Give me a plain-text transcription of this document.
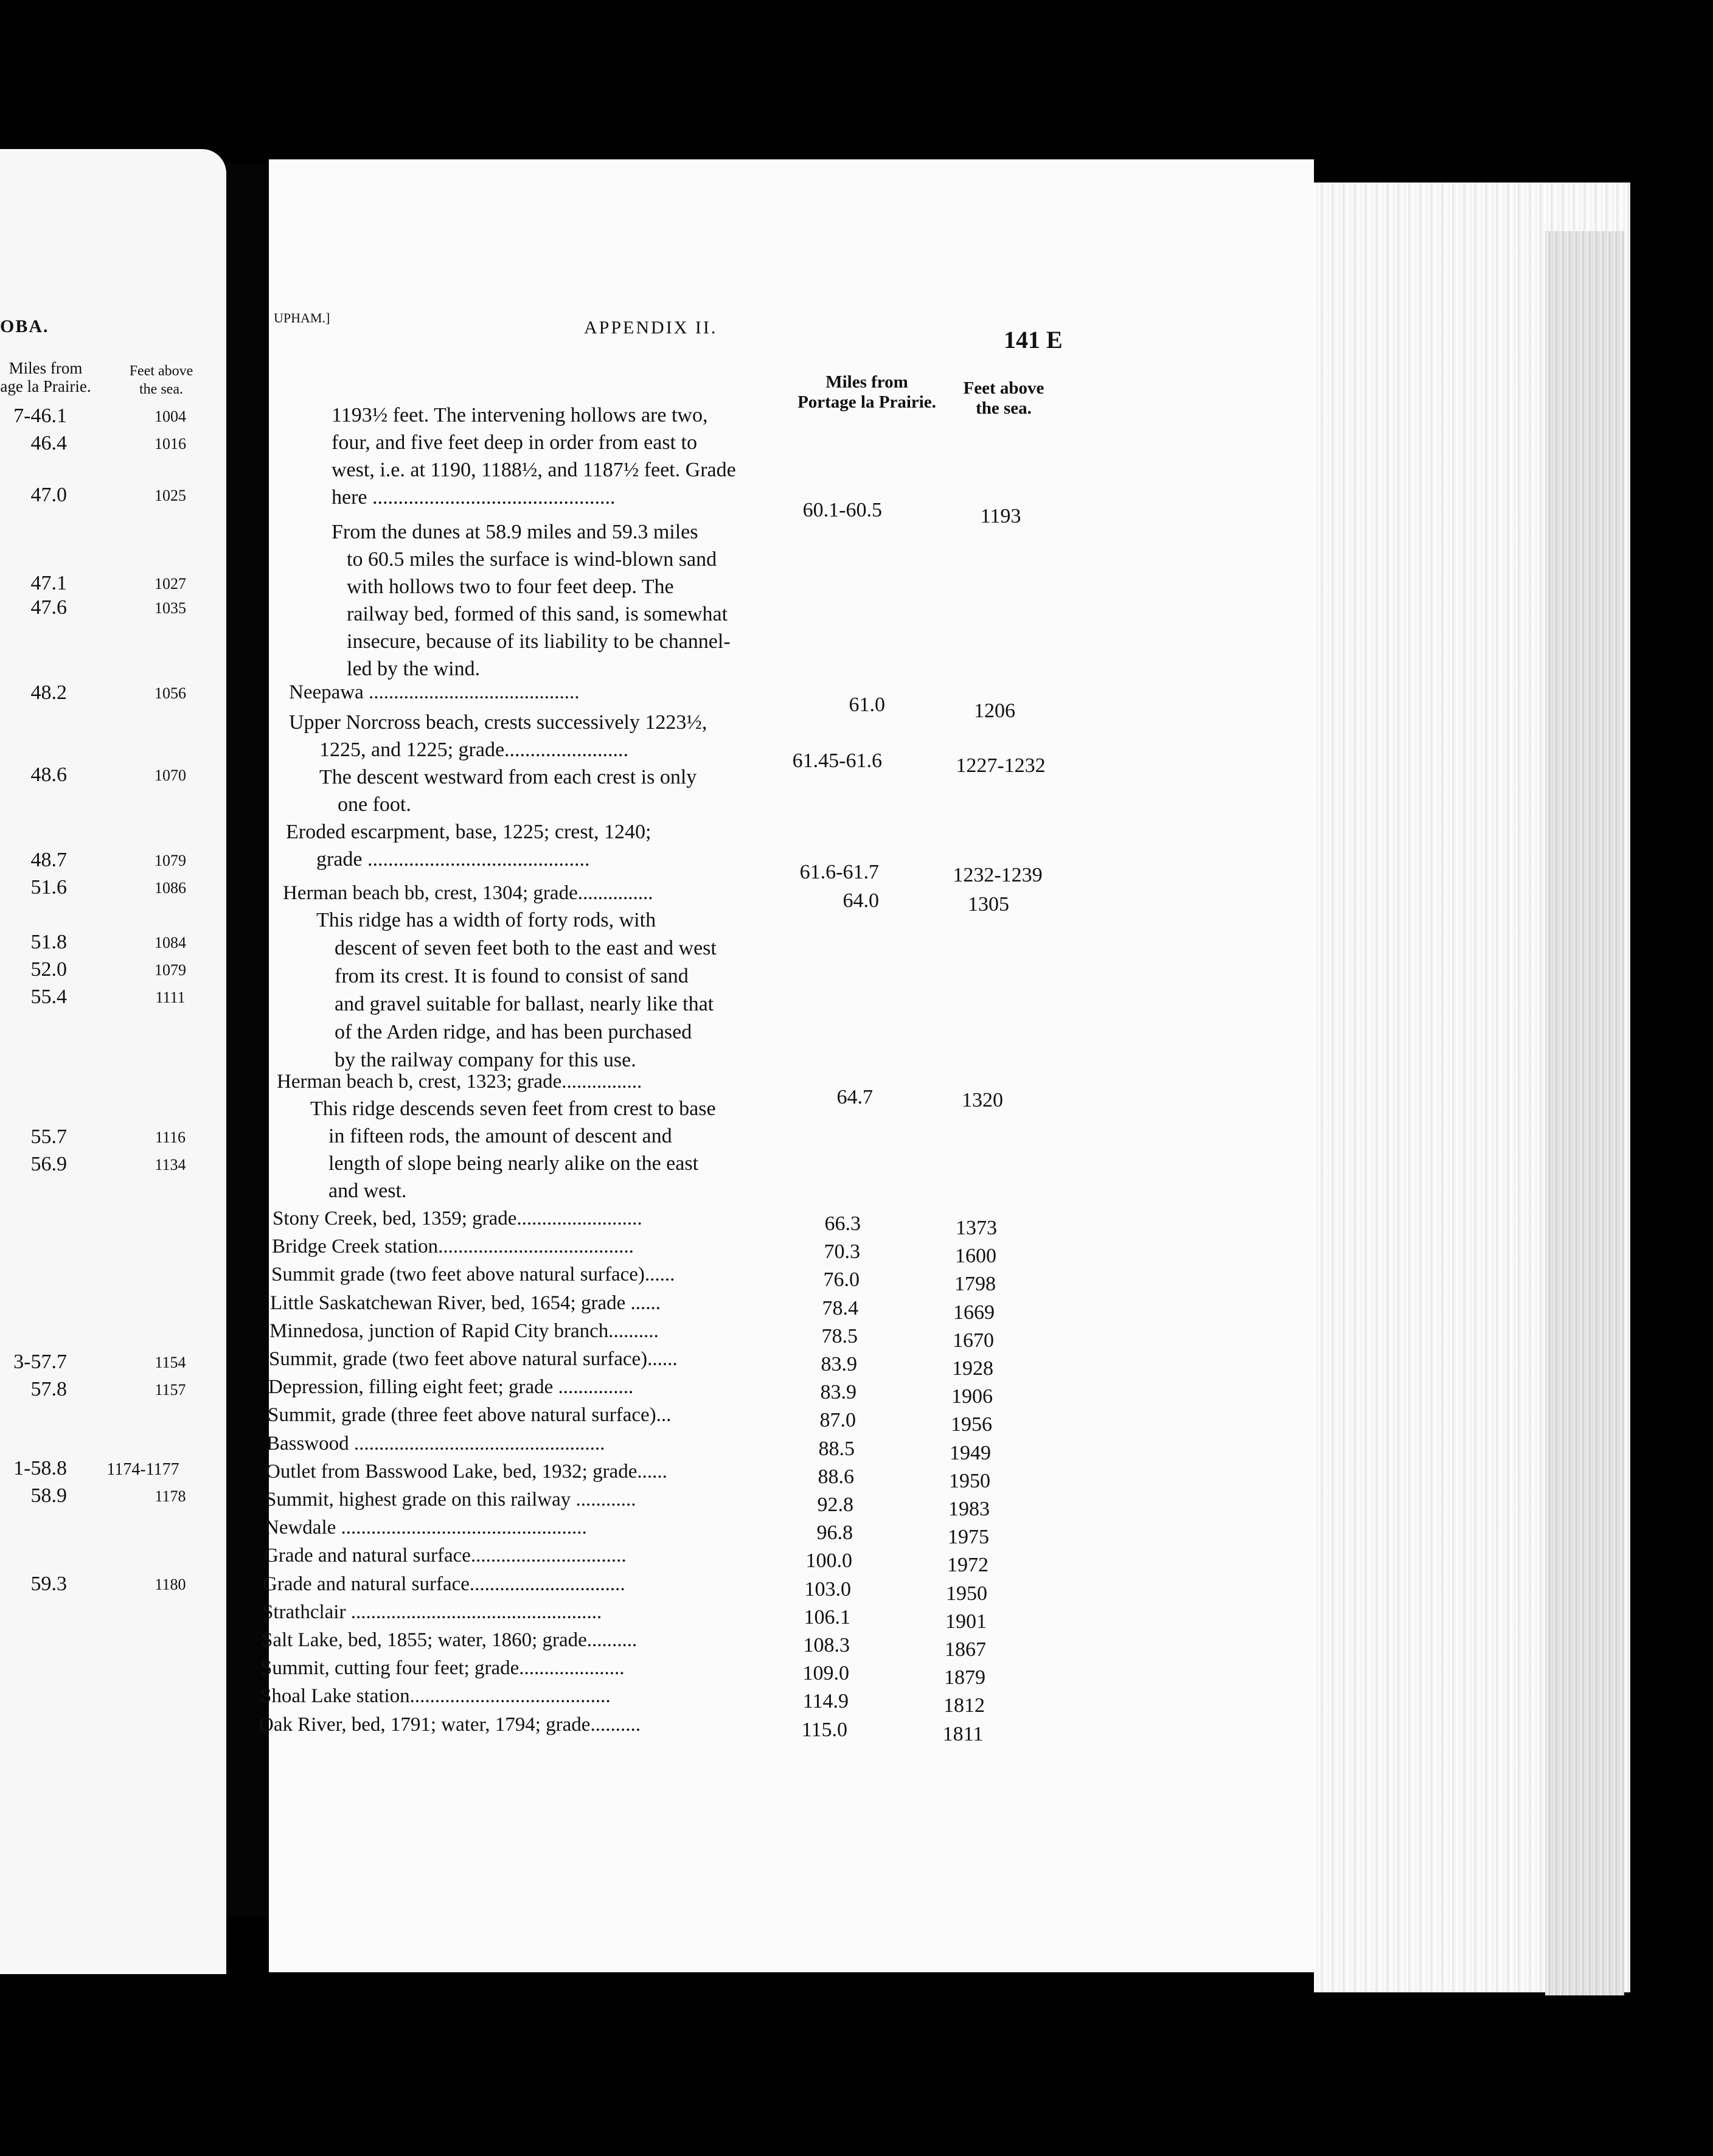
OBA.
Miles from
age la Prairie.
Feet above
the sea.
7-46.1	1004
46.4	1016
47.0	1025
47.1	1027
47.6	1035
48.2	1056
48.6	1070
48.7	1079
51.6	1086
51.8	1084
52.0	1079
55.4	1111
55.7	1116
56.9	1134
3-57.7	1154
57.8	1157
1-58.8	1174-1177
58.9	1178
59.3	1180
UPHAM.]	APPENDIX II.	141 E
Miles from
Portage la Prairie.
Feet above
the sea.
1193½ feet. The intervening hollows are two,
four, and five feet deep in order from east to
west, i.e. at 1190, 1188½, and 1187½ feet. Grade
here ...............................................
60.1-60.5	1193
From the dunes at 58.9 miles and 59.3 miles
to 60.5 miles the surface is wind-blown sand
with hollows two to four feet deep. The
railway bed, formed of this sand, is somewhat
insecure, because of its liability to be channel-
led by the wind.
Neepawa ..........................................
61.0	1206
Upper Norcross beach, crests successively 1223½,
1225, and 1225; grade........................	61.45-61.6	1227-1232
The descent westward from each crest is only
one foot.
Eroded escarpment, base, 1225; crest, 1240;
grade ...........................................
61.6-61.7	1232-1239
Herman beach bb, crest, 1304; grade...............	64.0	1305
This ridge has a width of forty rods, with
descent of seven feet both to the east and west
from its crest. It is found to consist of sand
and gravel suitable for ballast, nearly like that
of the Arden ridge, and has been purchased
by the railway company for this use.
Herman beach b, crest, 1323; grade................
64.7	1320
This ridge descends seven feet from crest to base
in fifteen rods, the amount of descent and
length of slope being nearly alike on the east
and west.
Stony Creek, bed, 1359; grade.........................	66.3	1373
Bridge Creek station.......................................	70.3	1600
Summit grade (two feet above natural surface)......	76.0	1798
Little Saskatchewan River, bed, 1654; grade ......	78.4	1669
Minnedosa, junction of Rapid City branch..........	78.5	1670
Summit, grade (two feet above natural surface)......	83.9	1928
Depression, filling eight feet; grade ...............	83.9	1906
Summit, grade (three feet above natural surface)...	87.0	1956
Basswood ..................................................	88.5	1949
Outlet from Basswood Lake, bed, 1932; grade......	88.6	1950
Summit, highest grade on this railway ............	92.8	1983
Newdale .................................................	96.8	1975
Grade and natural surface...............................	100.0	1972
Grade and natural surface...............................	103.0	1950
Strathclair ..................................................	106.1	1901
Salt Lake, bed, 1855; water, 1860; grade..........	108.3	1867
Summit, cutting four feet; grade.....................	109.0	1879
Shoal Lake station........................................	114.9	1812
Oak River, bed, 1791; water, 1794; grade..........	115.0	1811
